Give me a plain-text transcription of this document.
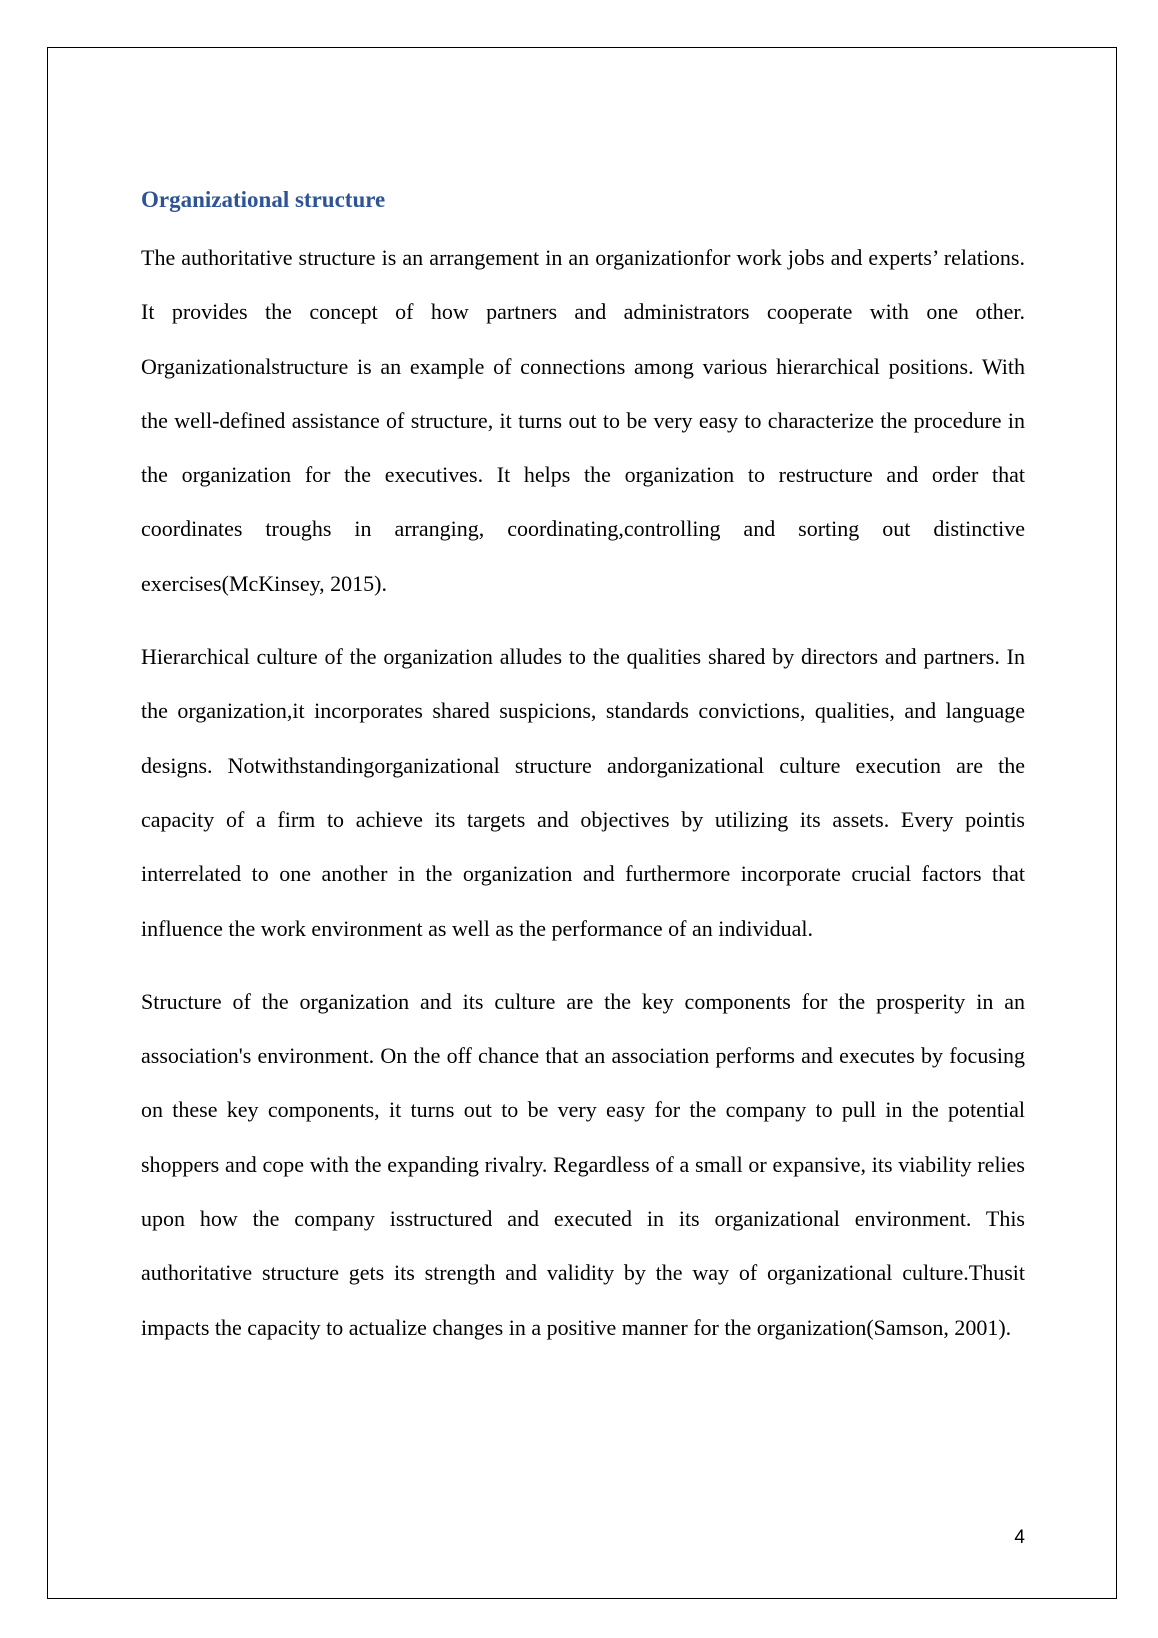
Organizational structure

The authoritative structure is an arrangement in an organizationfor work jobs and experts’ relations. It provides the concept of how partners and administrators cooperate with one other. Organizationalstructure is an example of connections among various hierarchical positions. With the well-defined assistance of structure, it turns out to be very easy to characterize the procedure in the organization for the executives. It helps the organization to restructure and order that coordinates troughs in arranging, coordinating,controlling and sorting out distinctive exercises(McKinsey, 2015).

Hierarchical culture of the organization alludes to the qualities shared by directors and partners. In the organization,it incorporates shared suspicions, standards convictions, qualities, and language designs. Notwithstandingorganizational structure andorganizational culture execution are the capacity of a firm to achieve its targets and objectives by utilizing its assets. Every pointis interrelated to one another in the organization and furthermore incorporate crucial factors that influence the work environment as well as the performance of an individual.

Structure of the organization and its culture are the key components for the prosperity in an association's environment. On the off chance that an association performs and executes by focusing on these key components, it turns out to be very easy for the company to pull in the potential shoppers and cope with the expanding rivalry. Regardless of a small or expansive, its viability relies upon how the company isstructured and executed in its organizational environment. This authoritative structure gets its strength and validity by the way of organizational culture.Thusit impacts the capacity to actualize changes in a positive manner for the organization(Samson, 2001).

4
